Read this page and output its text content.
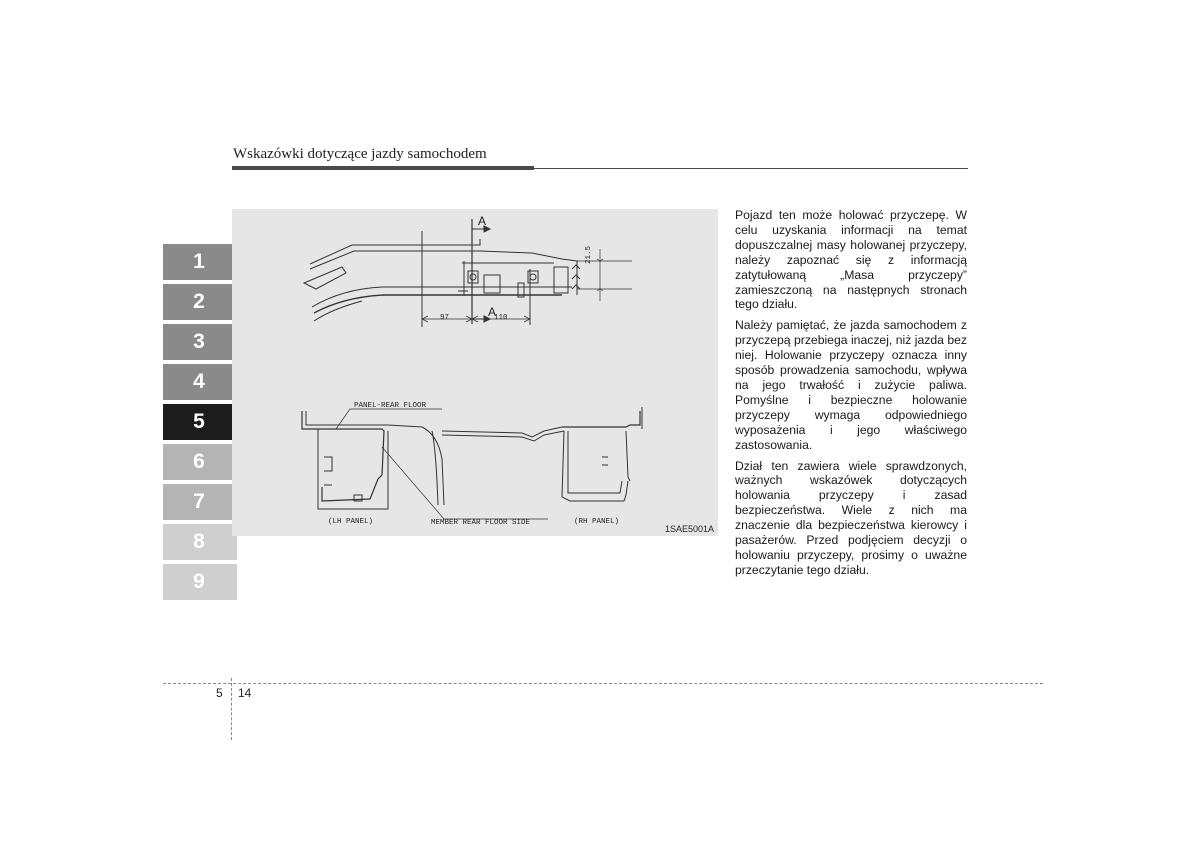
Wskazówki dotyczące jazdy samochodem
1
2
3
4
5
6
7
8
9
A
A
97	110
21.5
PANEL-REAR FLOOR
(LH PANEL)	MEMBER REAR FLOOR SIDE	(RH PANEL)
1SAE5001A

Pojazd ten może holować przyczepę. W celu uzyskania informacji na temat dopuszczalnej masy holowanej przyczepy, należy zapoznać się z informacją zatytułowaną „Masa przyczepy” zamieszczoną na następnych stronach tego działu.

Należy pamiętać, że jazda samochodem z przyczepą przebiega inaczej, niż jazda bez niej. Holowanie przyczepy oznacza inny sposób prowadzenia samochodu, wpływa na jego trwałość i zużycie paliwa. Pomyślne i bezpieczne holowanie przyczepy wymaga odpowiedniego wyposażenia i jego właściwego zastosowania.

Dział ten zawiera wiele sprawdzonych, ważnych wskazówek dotyczących holowania przyczepy i zasad bezpieczeństwa. Wiele z nich ma znaczenie dla bezpieczeństwa kierowcy i pasażerów. Przed podjęciem decyzji o holowaniu przyczepy, prosimy o uważne przeczytanie tego działu.

5 14
